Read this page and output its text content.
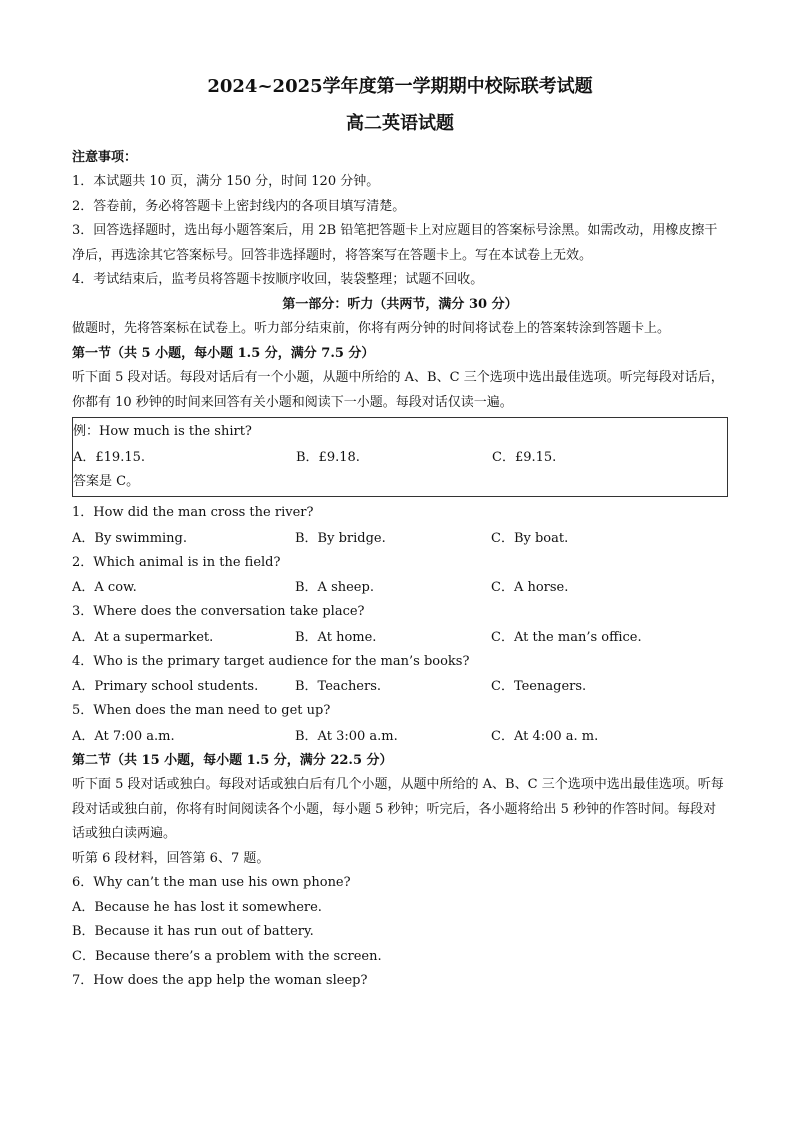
2024~2025学年度第一学期期中校际联考试题
高二英语试题
注意事项：
1．本试题共 10 页，满分 150 分，时间 120 分钟。
2．答卷前，务必将答题卡上密封线内的各项目填写清楚。
3．回答选择题时，选出每小题答案后，用 2B 铅笔把答题卡上对应题目的答案标号涂黑。如需改动，用橡皮擦干净后，再选涂其它答案标号。回答非选择题时，将答案写在答题卡上。写在本试卷上无效。
4．考试结束后，监考员将答题卡按顺序收回，装袋整理；试题不回收。
第一部分：听力（共两节，满分 30 分）
做题时，先将答案标在试卷上。听力部分结束前，你将有两分钟的时间将试卷上的答案转涂到答题卡上。
第一节（共 5 小题，每小题 1.5 分，满分 7.5 分）
听下面 5 段对话。每段对话后有一个小题，从题中所给的 A、B、C 三个选项中选出最佳选项。听完每段对话后，你都有 10 秒钟的时间来回答有关小题和阅读下一小题。每段对话仅读一遍。
例：How much is the shirt?
A．£19.15.	B．£9.18.	C．£9.15.
答案是 C。
1．How did the man cross the river?
A．By swimming.	B．By bridge.	C．By boat.
2．Which animal is in the field?
A．A cow.	B．A sheep.	C．A horse.
3．Where does the conversation take place?
A．At a supermarket.	B．At home.	C．At the man’s office.
4．Who is the primary target audience for the man’s books?
A．Primary school students.	B．Teachers.	C．Teenagers.
5．When does the man need to get up?
A．At 7:00 a.m.	B．At 3:00 a.m.	C．At 4:00 a. m.
第二节（共 15 小题，每小题 1.5 分，满分 22.5 分）
听下面 5 段对话或独白。每段对话或独白后有几个小题，从题中所给的 A、B、C 三个选项中选出最佳选项。听每段对话或独白前，你将有时间阅读各个小题，每小题 5 秒钟；听完后，各小题将给出 5 秒钟的作答时间。每段对话或独白读两遍。
听第 6 段材料，回答第 6、7 题。
6．Why can’t the man use his own phone?
A．Because he has lost it somewhere.
B．Because it has run out of battery.
C．Because there’s a problem with the screen.
7．How does the app help the woman sleep?
